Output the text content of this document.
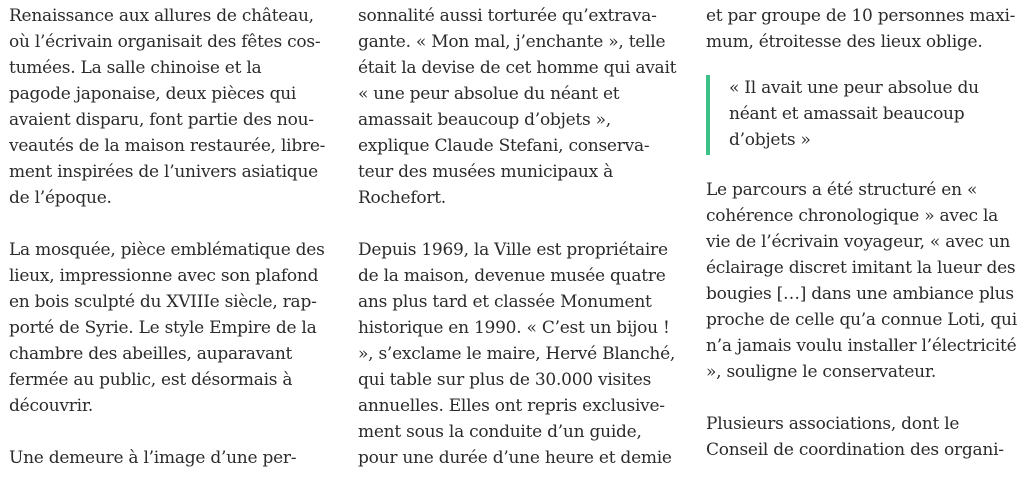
Renaissance aux allures de château,
où l’écrivain organisait des fêtes cos-
tumées. La salle chinoise et la
pagode japonaise, deux pièces qui
avaient disparu, font partie des nou-
veautés de la maison restaurée, libre-
ment inspirées de l’univers asiatique
de l’époque.
La mosquée, pièce emblématique des
lieux, impressionne avec son plafond
en bois sculpté du XVIIIe siècle, rap-
porté de Syrie. Le style Empire de la
chambre des abeilles, auparavant
fermée au public, est désormais à
découvrir.
Une demeure à l’image d’une per-
sonnalité aussi torturée qu’extrava-
gante. « Mon mal, j’enchante », telle
était la devise de cet homme qui avait
« une peur absolue du néant et
amassait beaucoup d’objets »,
explique Claude Stefani, conserva-
teur des musées municipaux à
Rochefort.
Depuis 1969, la Ville est propriétaire
de la maison, devenue musée quatre
ans plus tard et classée Monument
historique en 1990. « C’est un bijou !
», s’exclame le maire, Hervé Blanché,
qui table sur plus de 30.000 visites
annuelles. Elles ont repris exclusive-
ment sous la conduite d’un guide,
pour une durée d’une heure et demie
et par groupe de 10 personnes maxi-
mum, étroitesse des lieux oblige.
« Il avait une peur absolue du
néant et amassait beaucoup
d’objets »
Le parcours a été structuré en «
cohérence chronologique » avec la
vie de l’écrivain voyageur, « avec un
éclairage discret imitant la lueur des
bougies […] dans une ambiance plus
proche de celle qu’a connue Loti, qui
n’a jamais voulu installer l’électricité
», souligne le conservateur.
Plusieurs associations, dont le
Conseil de coordination des organi-
